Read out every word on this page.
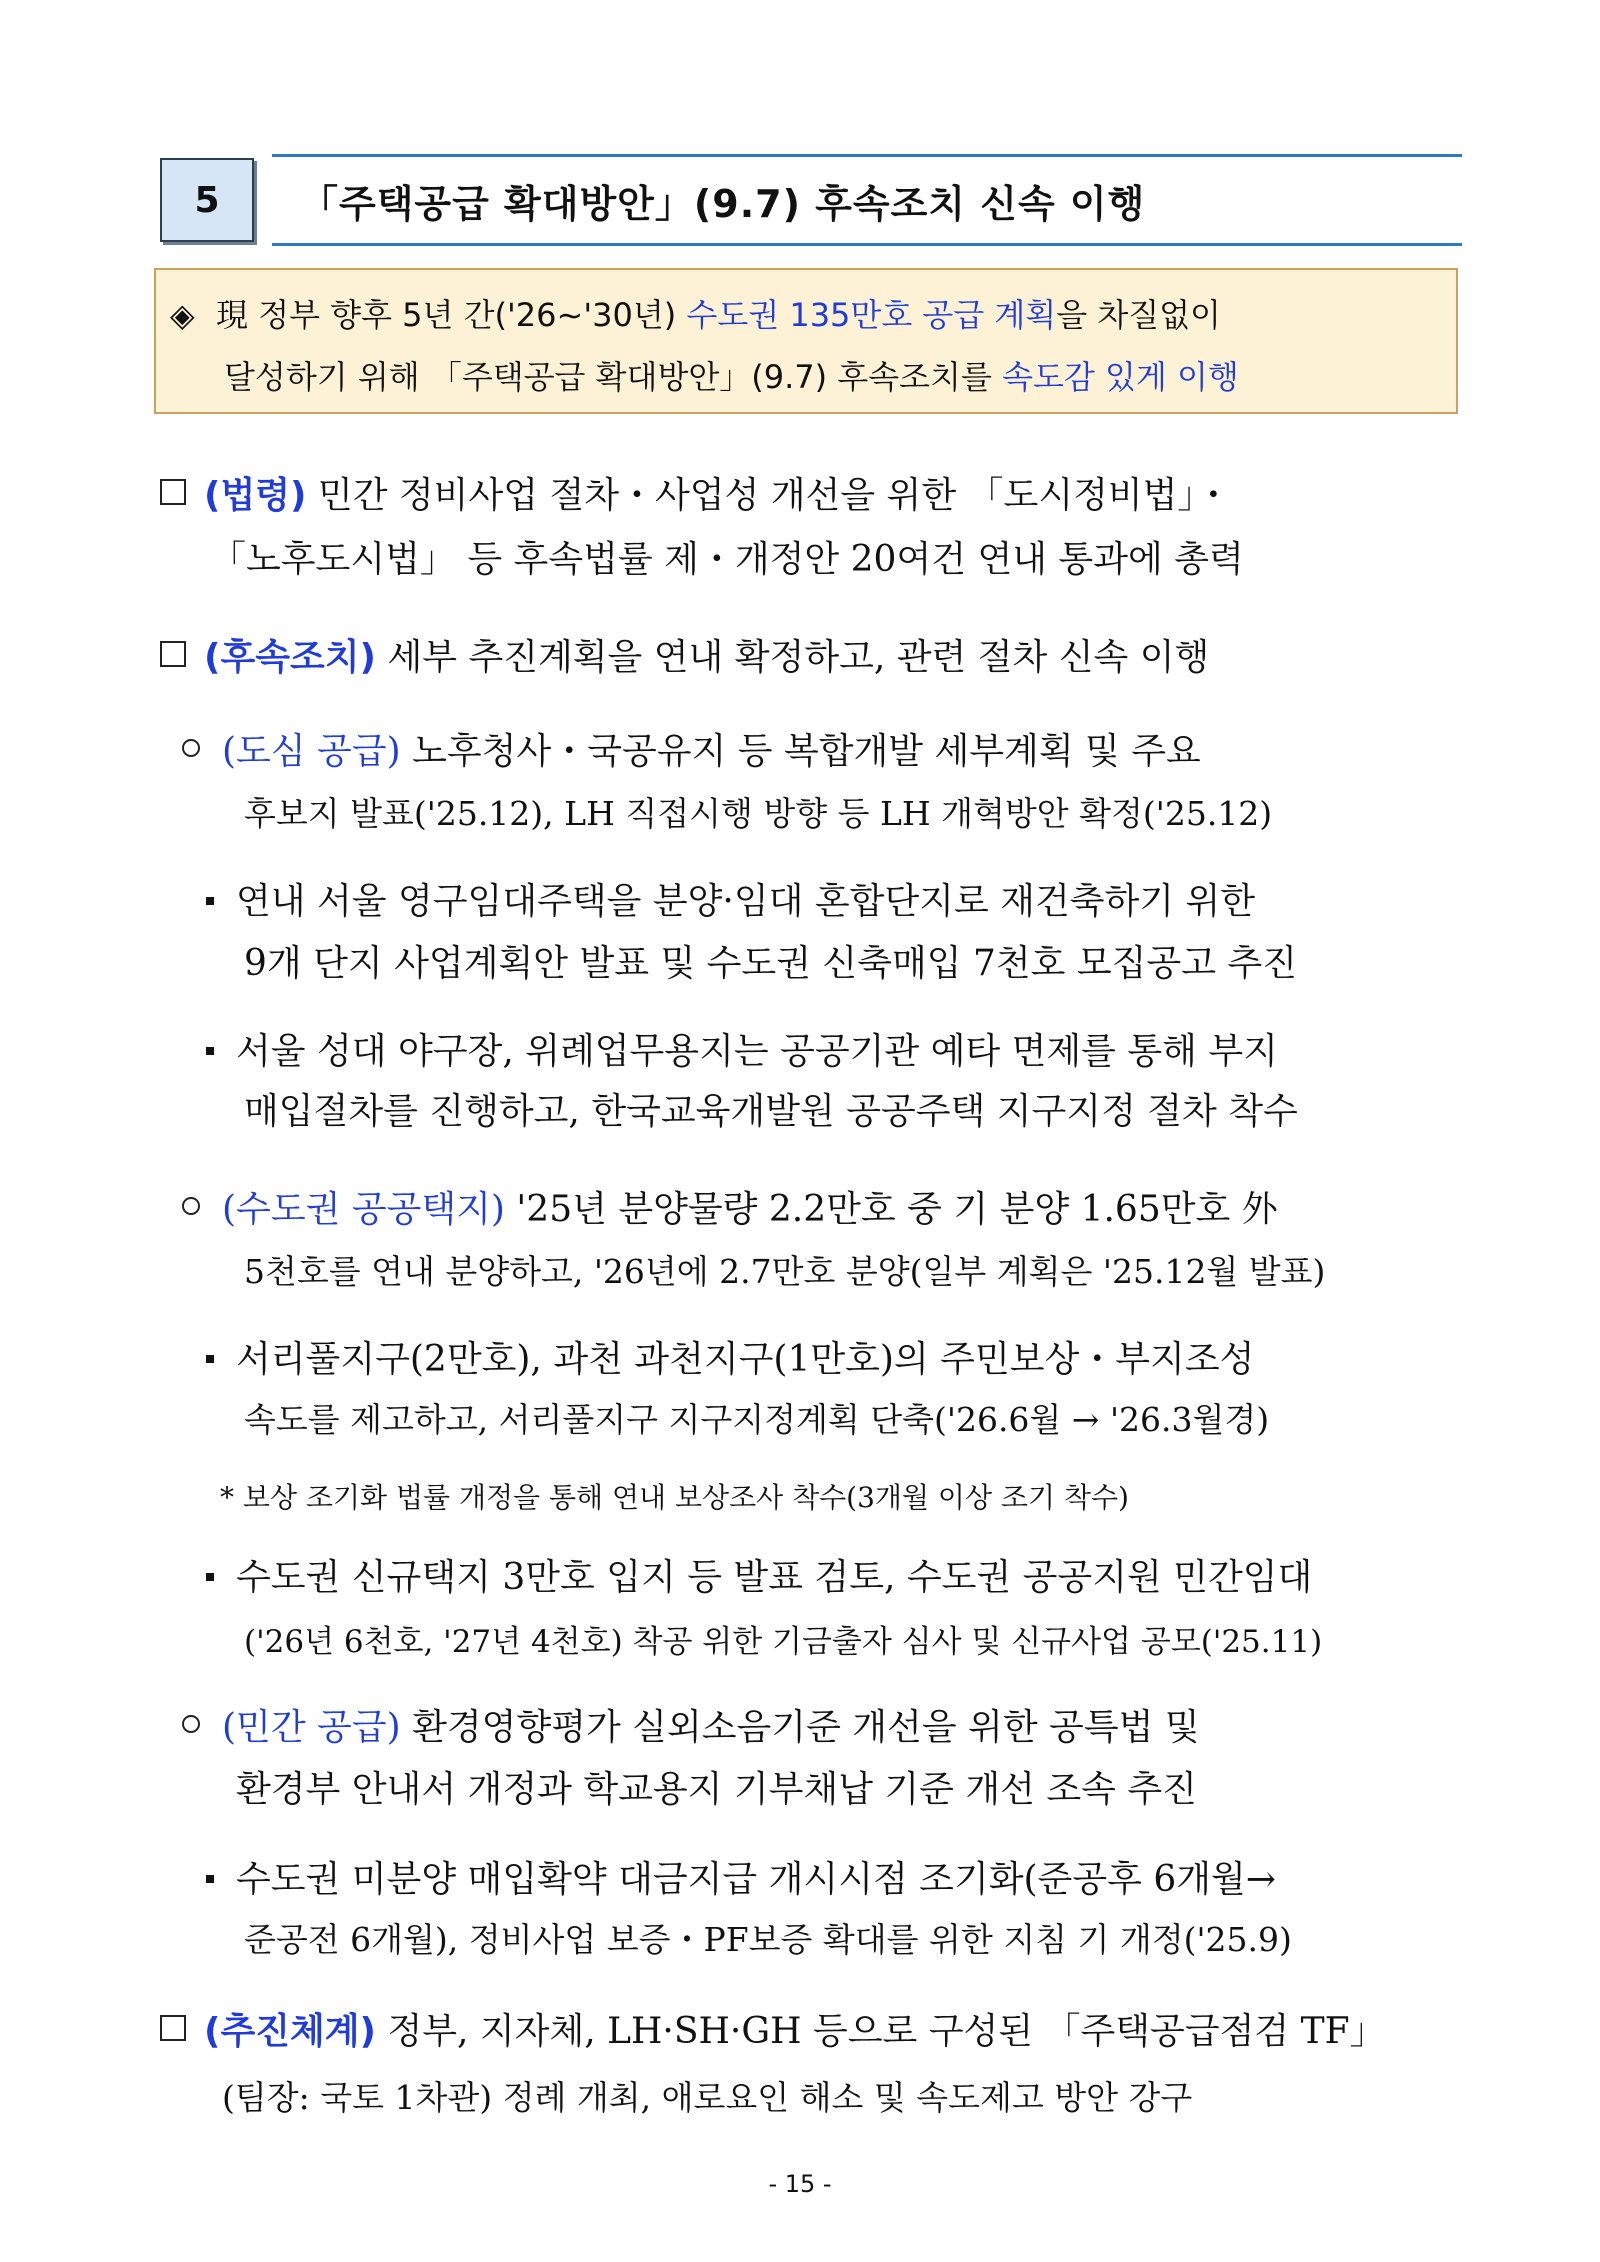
5	「주택공급 확대방안」(9.7) 후속조치 신속 이행
◈ 現 정부 향후 5년 간('26∼'30년) 수도권 135만호 공급 계획을 차질없이
달성하기 위해 「주택공급 확대방안」(9.7) 후속조치를 속도감 있게 이행
(법령) 민간 정비사업 절차・사업성 개선을 위한 「도시정비법」・
「노후도시법」 등 후속법률 제・개정안 20여건 연내 통과에 총력
(후속조치) 세부 추진계획을 연내 확정하고, 관련 절차 신속 이행
(도심 공급) 노후청사・국공유지 등 복합개발 세부계획 및 주요
후보지 발표('25.12), LH 직접시행 방향 등 LH 개혁방안 확정('25.12)
연내 서울 영구임대주택을 분양·임대 혼합단지로 재건축하기 위한
9개 단지 사업계획안 발표 및 수도권 신축매입 7천호 모집공고 추진
서울 성대 야구장, 위례업무용지는 공공기관 예타 면제를 통해 부지
매입절차를 진행하고, 한국교육개발원 공공주택 지구지정 절차 착수
(수도권 공공택지) '25년 분양물량 2.2만호 중 기 분양 1.65만호 外
5천호를 연내 분양하고, '26년에 2.7만호 분양(일부 계획은 '25.12월 발표)
서리풀지구(2만호), 과천 과천지구(1만호)의 주민보상・부지조성
속도를 제고하고, 서리풀지구 지구지정계획 단축('26.6월 → '26.3월경)
* 보상 조기화 법률 개정을 통해 연내 보상조사 착수(3개월 이상 조기 착수)
수도권 신규택지 3만호 입지 등 발표 검토, 수도권 공공지원 민간임대
('26년 6천호, '27년 4천호) 착공 위한 기금출자 심사 및 신규사업 공모('25.11)
(민간 공급) 환경영향평가 실외소음기준 개선을 위한 공특법 및
환경부 안내서 개정과 학교용지 기부채납 기준 개선 조속 추진
수도권 미분양 매입확약 대금지급 개시시점 조기화(준공후 6개월→
준공전 6개월), 정비사업 보증・PF보증 확대를 위한 지침 기 개정('25.9)
(추진체계) 정부, 지자체, LH·SH·GH 등으로 구성된 「주택공급점검 TF」
(팀장: 국토 1차관) 정례 개최, 애로요인 해소 및 속도제고 방안 강구
- 15 -
